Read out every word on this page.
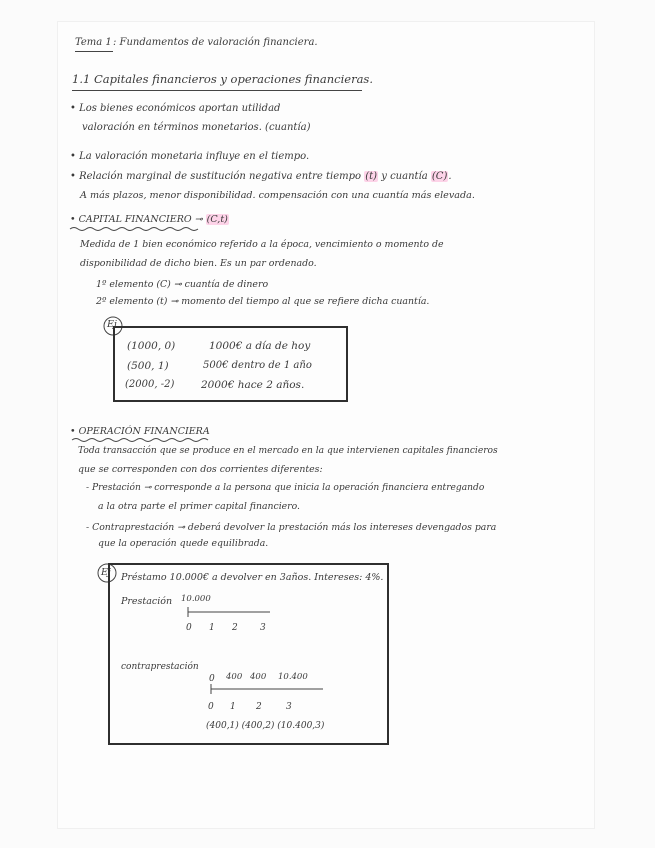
Tema 1 : Fundamentos de valoración financiera.
1.1 Capitales financieros y operaciones financieras.
• Los bienes económicos aportan utilidad
valoración en términos monetarios. (cuantía)
• La valoración monetaria influye en el tiempo.
• Relación marginal de sustitución negativa entre tiempo (t) y cuantía (C).
A más plazos, menor disponibilidad. compensación con una cuantía más elevada.
• CAPITAL FINANCIERO ⊸ (C,t)
Medida de 1 bien económico referido a la época, vencimiento o momento de
disponibilidad de dicho bien. Es un par ordenado.
1º elemento (C) ⊸ cuantía de dinero
2º elemento (t) ⊸ momento del tiempo al que se refiere dicha cuantía.
Ej
(1000, 0)	1000€ a día de hoy
(500, 1)	500€ dentro de 1 año
(2000, -2)	2000€ hace 2 años.
• OPERACIÓN FINANCIERA
Toda transacción que se produce en el mercado en la que intervienen capitales financieros
que se corresponden con dos corrientes diferentes:
- Prestación ⊸ corresponde a la persona que inicia la operación financiera entregando
a la otra parte el primer capital financiero.
- Contraprestación ⊸ deberá devolver la prestación más los intereses devengados para
que la operación quede equilibrada.
Ej Préstamo 10.000€ a devolver en 3años. Intereses: 4%.
Prestación 10.000
0 1 2 3
contraprestación
0 400 400 10.400
0 1 2	3
(400,1) (400,2) (10.400,3)
